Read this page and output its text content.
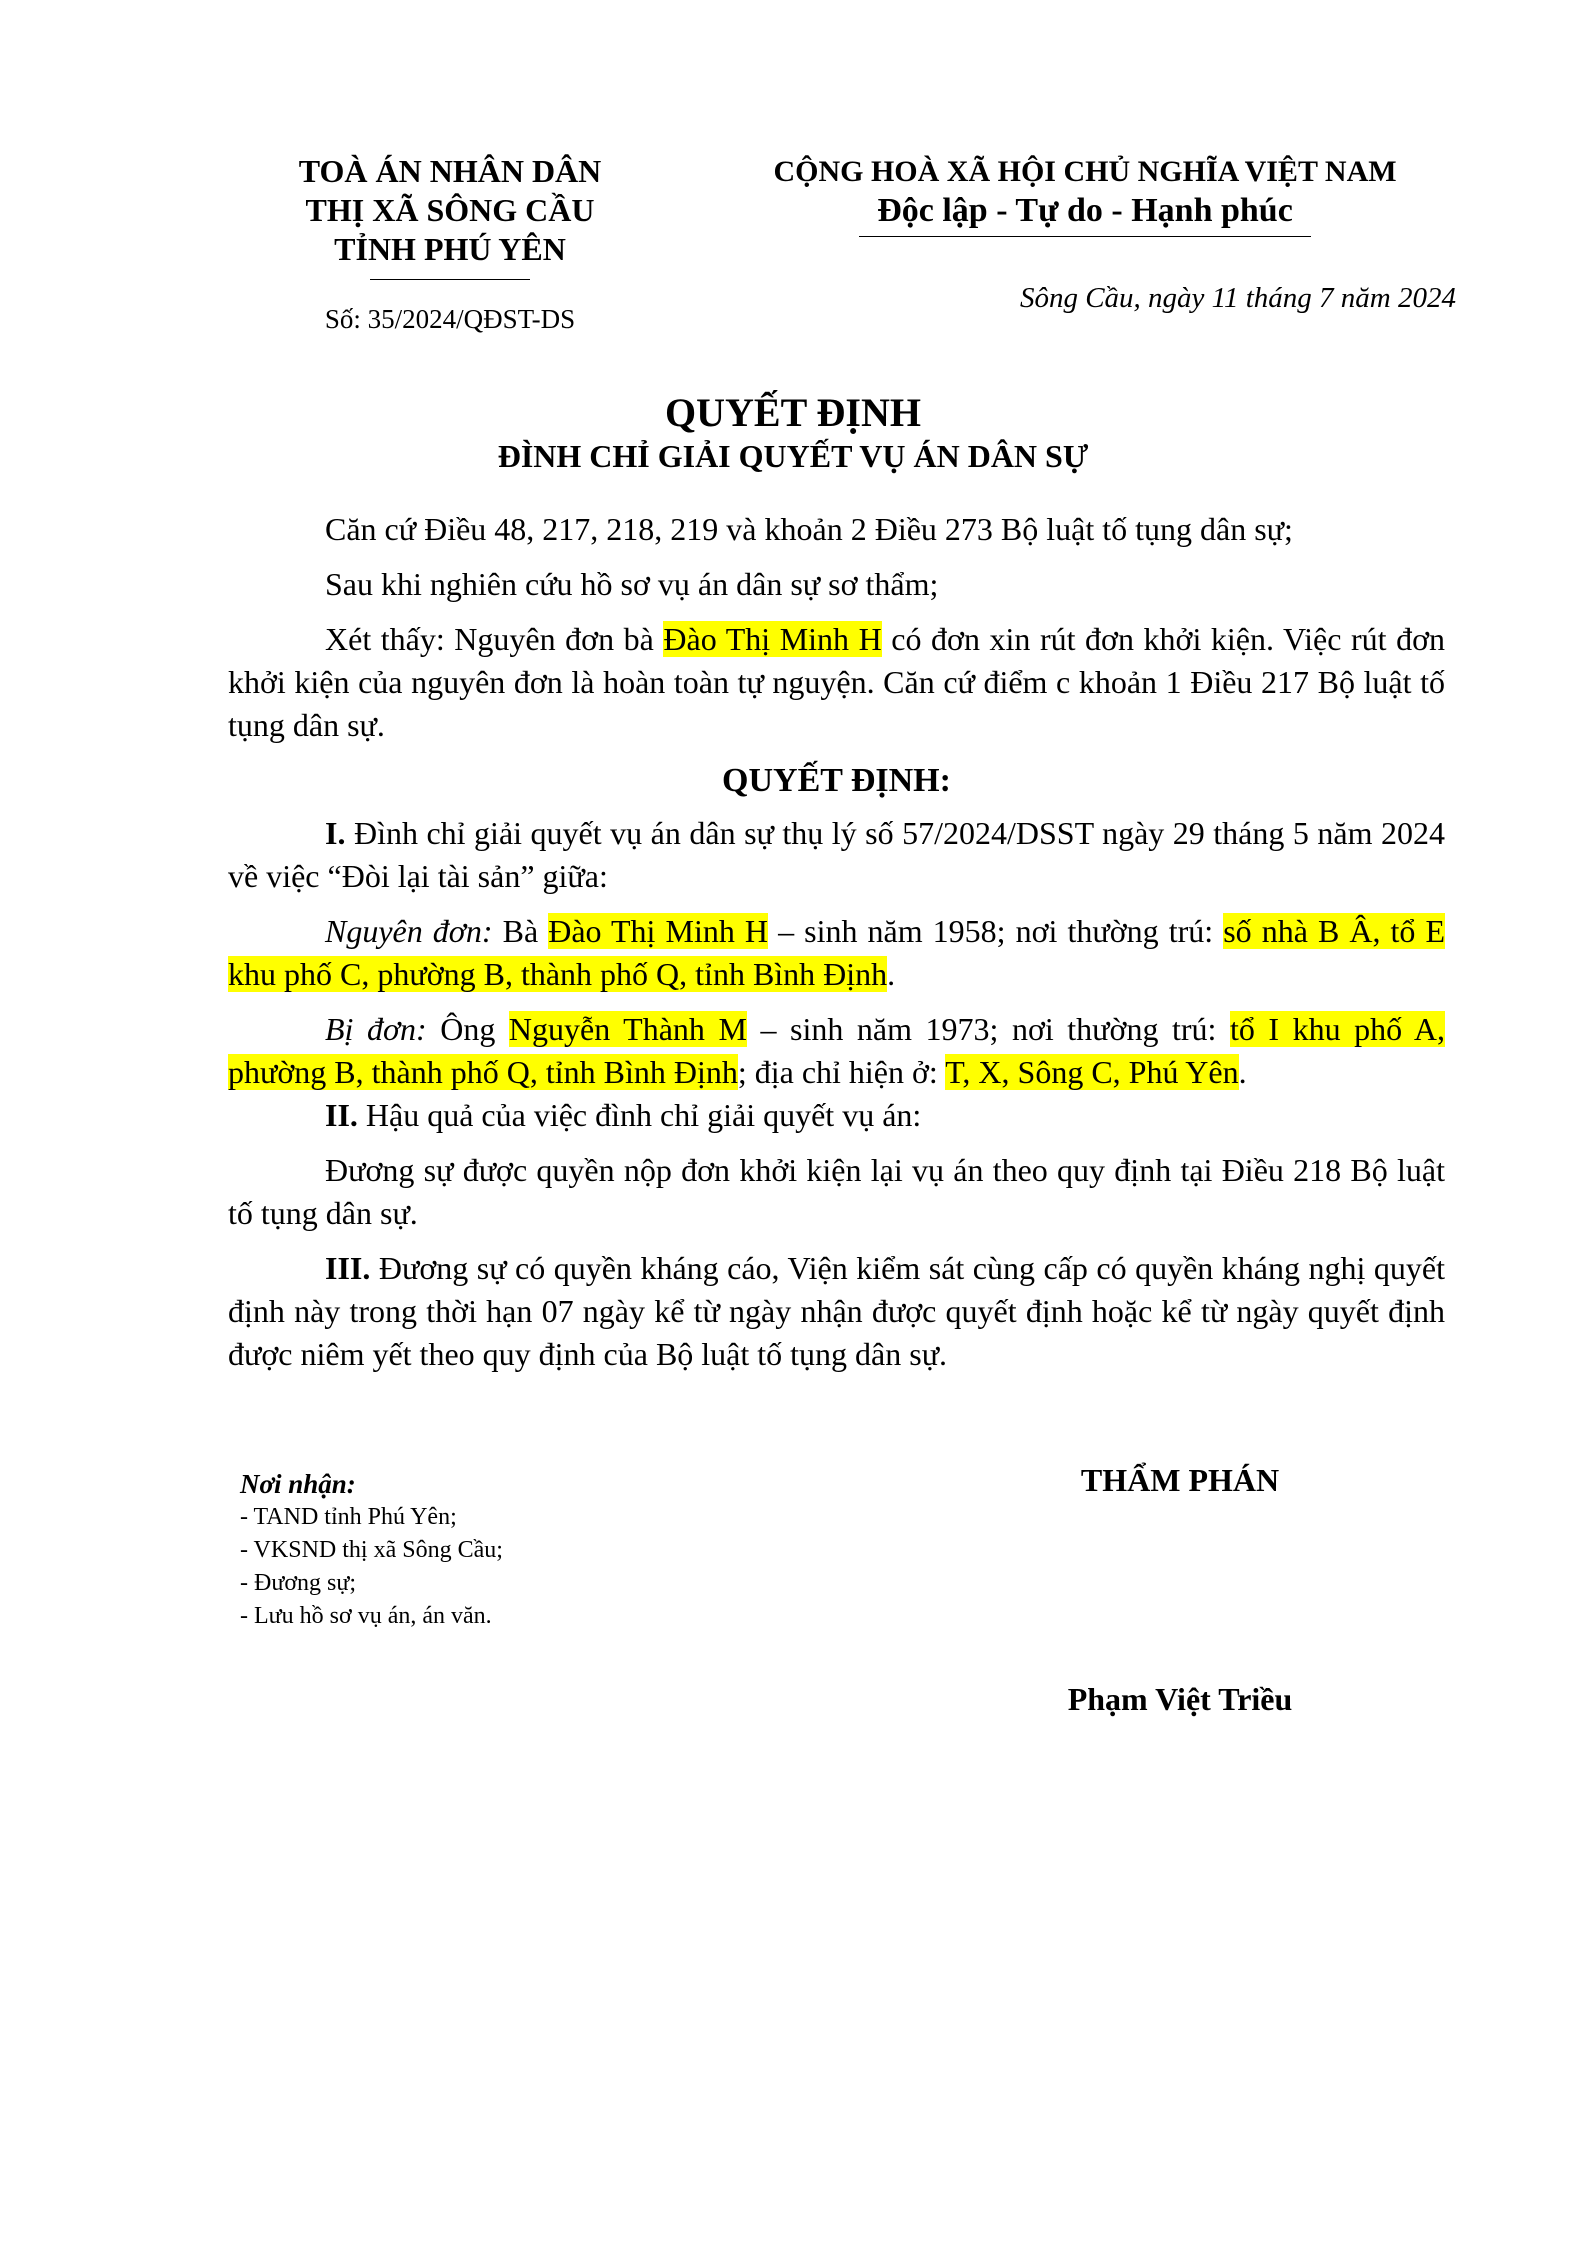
TOÀ ÁN NHÂN DÂN
THỊ XÃ SÔNG CẦU
TỈNH PHÚ YÊN
Số: 35/2024/QĐST-DS
CỘNG HOÀ XÃ HỘI CHỦ NGHĨA VIỆT NAM
Độc lập - Tự do - Hạnh phúc
Sông Cầu, ngày 11 tháng 7 năm 2024
QUYẾT ĐỊNH
ĐÌNH CHỈ GIẢI QUYẾT VỤ ÁN DÂN SỰ

Căn cứ Điều 48, 217, 218, 219 và khoản 2 Điều 273 Bộ luật tố tụng dân sự;

Sau khi nghiên cứu hồ sơ vụ án dân sự sơ thẩm;

Xét thấy: Nguyên đơn bà Đào Thị Minh H có đơn xin rút đơn khởi kiện. Việc rút đơn khởi kiện của nguyên đơn là hoàn toàn tự nguyện. Căn cứ điểm c khoản 1 Điều 217 Bộ luật tố tụng dân sự.

QUYẾT ĐỊNH:

I. Đình chỉ giải quyết vụ án dân sự thụ lý số 57/2024/DSST ngày 29 tháng 5 năm 2024 về việc “Đòi lại tài sản” giữa:

Nguyên đơn: Bà Đào Thị Minh H – sinh năm 1958; nơi thường trú: số nhà B Â, tổ E khu phố C, phường B, thành phố Q, tỉnh Bình Định.

Bị đơn: Ông Nguyễn Thành M – sinh năm 1973; nơi thường trú: tổ I khu phố A, phường B, thành phố Q, tỉnh Bình Định; địa chỉ hiện ở: T, X, Sông C, Phú Yên.

II. Hậu quả của việc đình chỉ giải quyết vụ án:

Đương sự được quyền nộp đơn khởi kiện lại vụ án theo quy định tại Điều 218 Bộ luật tố tụng dân sự.

III. Đương sự có quyền kháng cáo, Viện kiểm sát cùng cấp có quyền kháng nghị quyết định này trong thời hạn 07 ngày kể từ ngày nhận được quyết định hoặc kể từ ngày quyết định được niêm yết theo quy định của Bộ luật tố tụng dân sự.

Nơi nhận:
- TAND tỉnh Phú Yên;
- VKSND thị xã Sông Cầu;
- Đương sự;
- Lưu hồ sơ vụ án, án văn.
THẨM PHÁN
Phạm Việt Triều
